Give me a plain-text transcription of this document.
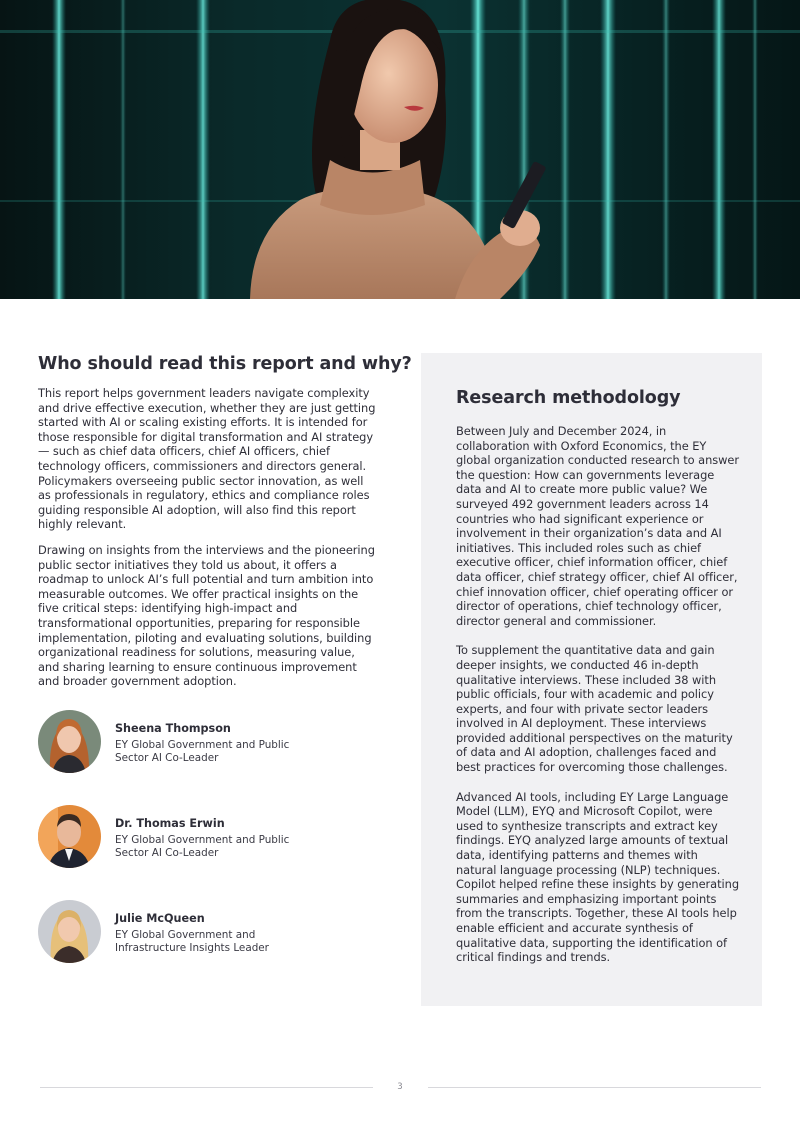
Who should read this report and why?

This report helps government leaders navigate complexity and drive effective execution, whether they are just getting started with AI or scaling existing efforts. It is intended for those responsible for digital transformation and AI strategy — such as chief data officers, chief AI officers, chief technology officers, commissioners and directors general. Policymakers overseeing public sector innovation, as well as professionals in regulatory, ethics and compliance roles guiding responsible AI adoption, will also find this report highly relevant.

Drawing on insights from the interviews and the pioneering public sector initiatives they told us about, it offers a roadmap to unlock AI’s full potential and turn ambition into measurable outcomes. We offer practical insights on the five critical steps: identifying high-impact and transformational opportunities, preparing for responsible implementation, piloting and evaluating solutions, building organizational readiness for solutions, measuring value, and sharing learning to ensure continuous improvement and broader government adoption.

Sheena Thompson
EY Global Government and Public Sector AI Co-Leader
Dr. Thomas Erwin
EY Global Government and Public Sector AI Co-Leader
Julie McQueen
EY Global Government and Infrastructure Insights Leader
Research methodology

Between July and December 2024, in collaboration with Oxford Economics, the EY global organization conducted research to answer the question: How can governments leverage data and AI to create more public value? We surveyed 492 government leaders across 14 countries who had significant experience or involvement in their organization’s data and AI initiatives. This included roles such as chief executive officer, chief information officer, chief data officer, chief strategy officer, chief AI officer, chief innovation officer, chief operating officer or director of operations, chief technology officer, director general and commissioner.

To supplement the quantitative data and gain deeper insights, we conducted 46 in-depth qualitative interviews. These included 38 with public officials, four with academic and policy experts, and four with private sector leaders involved in AI deployment. These interviews provided additional perspectives on the maturity of data and AI adoption, challenges faced and best practices for overcoming those challenges.

Advanced AI tools, including EY Large Language Model (LLM), EYQ and Microsoft Copilot, were used to synthesize transcripts and extract key findings. EYQ analyzed large amounts of textual data, identifying patterns and themes with natural language processing (NLP) techniques. Copilot helped refine these insights by generating summaries and emphasizing important points from the transcripts. Together, these AI tools help enable efficient and accurate synthesis of qualitative data, supporting the identification of critical findings and trends.

3
